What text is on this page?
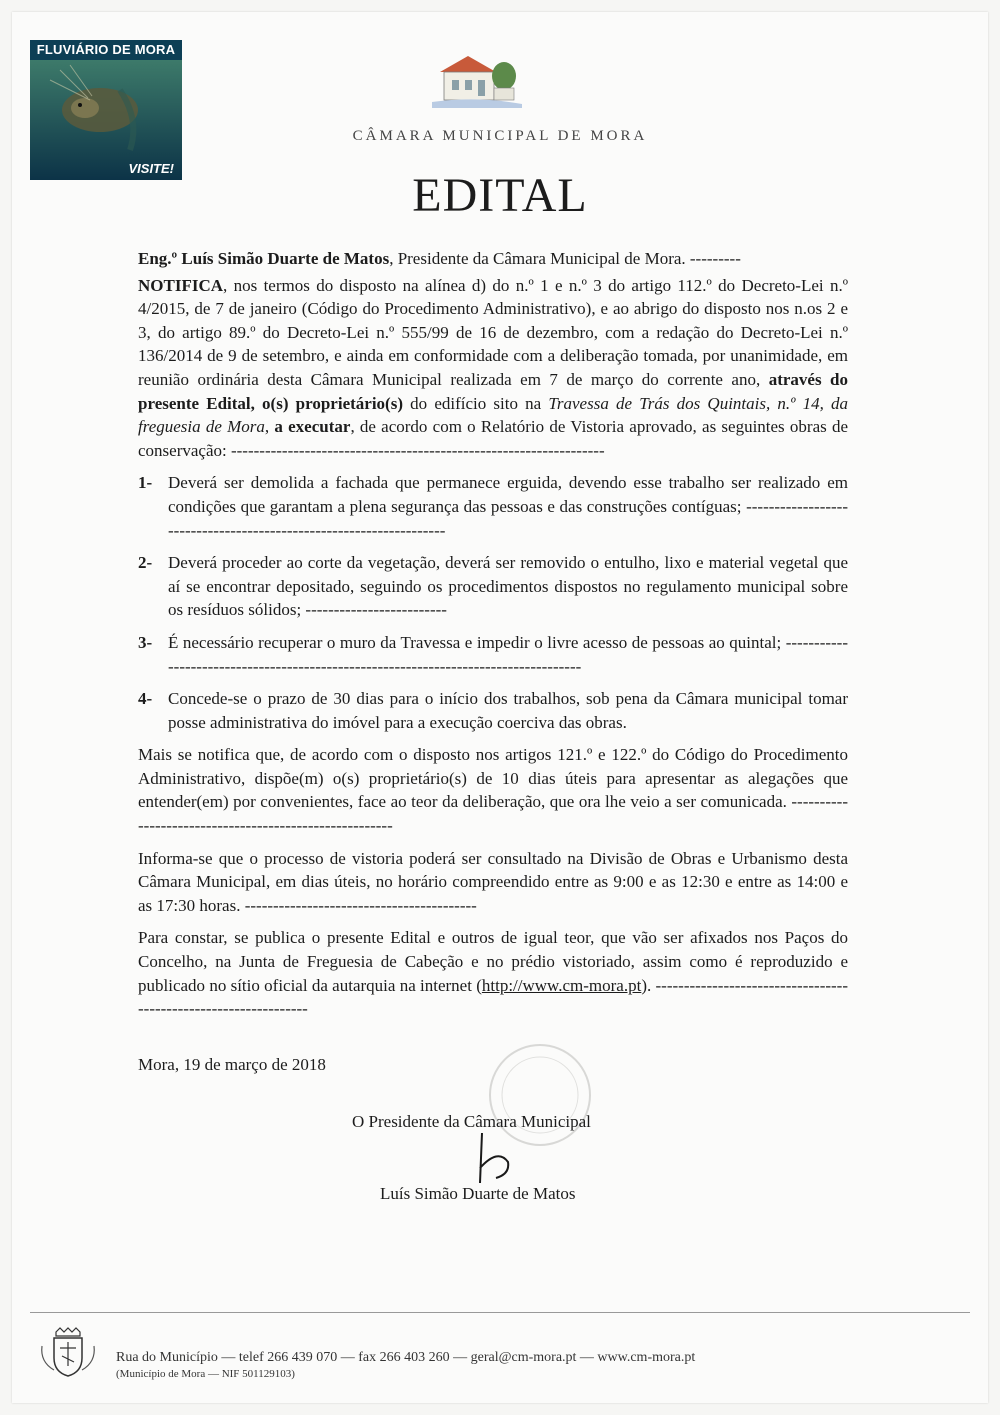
FLUVIÁRIO DE MORA
VISITE!
CÂMARA MUNICIPAL DE MORA
EDITAL

Eng.º Luís Simão Duarte de Matos, Presidente da Câmara Municipal de Mora. ---------

NOTIFICA, nos termos do disposto na alínea d) do n.º 1 e n.º 3 do artigo 112.º do Decreto-Lei n.º 4/2015, de 7 de janeiro (Código do Procedimento Administrativo), e ao abrigo do disposto nos n.os 2 e 3, do artigo 89.º do Decreto-Lei n.º 555/99 de 16 de dezembro, com a redação do Decreto-Lei n.º 136/2014 de 9 de setembro, e ainda em conformidade com a deliberação tomada, por unanimidade, em reunião ordinária desta Câmara Municipal realizada em 7 de março do corrente ano, através do presente Edital, o(s) proprietário(s) do edifício sito na Travessa de Trás dos Quintais, n.º 14, da freguesia de Mora, a executar, de acordo com o Relatório de Vistoria aprovado, as seguintes obras de conservação: ------------------------------------------------------------------

1- Deverá ser demolida a fachada que permanece erguida, devendo esse trabalho ser realizado em condições que garantam a plena segurança das pessoas e das construções contíguas; -------------------------------------------------------------------
2- Deverá proceder ao corte da vegetação, deverá ser removido o entulho, lixo e material vegetal que aí se encontrar depositado, seguindo os procedimentos dispostos no regulamento municipal sobre os resíduos sólidos; -------------------------
3- É necessário recuperar o muro da Travessa e impedir o livre acesso de pessoas ao quintal; ------------------------------------------------------------------------------------
4- Concede-se o prazo de 30 dias para o início dos trabalhos, sob pena da Câmara municipal tomar posse administrativa do imóvel para a execução coerciva das obras.

Mais se notifica que, de acordo com o disposto nos artigos 121.º e 122.º do Código do Procedimento Administrativo, dispõe(m) o(s) proprietário(s) de 10 dias úteis para apresentar as alegações que entender(em) por convenientes, face ao teor da deliberação, que ora lhe veio a ser comunicada. -------------------------------------------------------

Informa-se que o processo de vistoria poderá ser consultado na Divisão de Obras e Urbanismo desta Câmara Municipal, em dias úteis, no horário compreendido entre as 9:00 e as 12:30 e entre as 14:00 e as 17:30 horas. -----------------------------------------

Para constar, se publica o presente Edital e outros de igual teor, que vão ser afixados nos Paços do Concelho, na Junta de Freguesia de Cabeção e no prédio vistoriado, assim como é reproduzido e publicado no sítio oficial da autarquia na internet (http://www.cm-mora.pt). ----------------------------------------------------------------

Mora, 19 de março de 2018
O Presidente da Câmara Municipal
Luís Simão Duarte de Matos
Rua do Município — telef 266 439 070 — fax 266 403 260 — geral@cm-mora.pt — www.cm-mora.pt
(Município de Mora — NIF 501129103)
